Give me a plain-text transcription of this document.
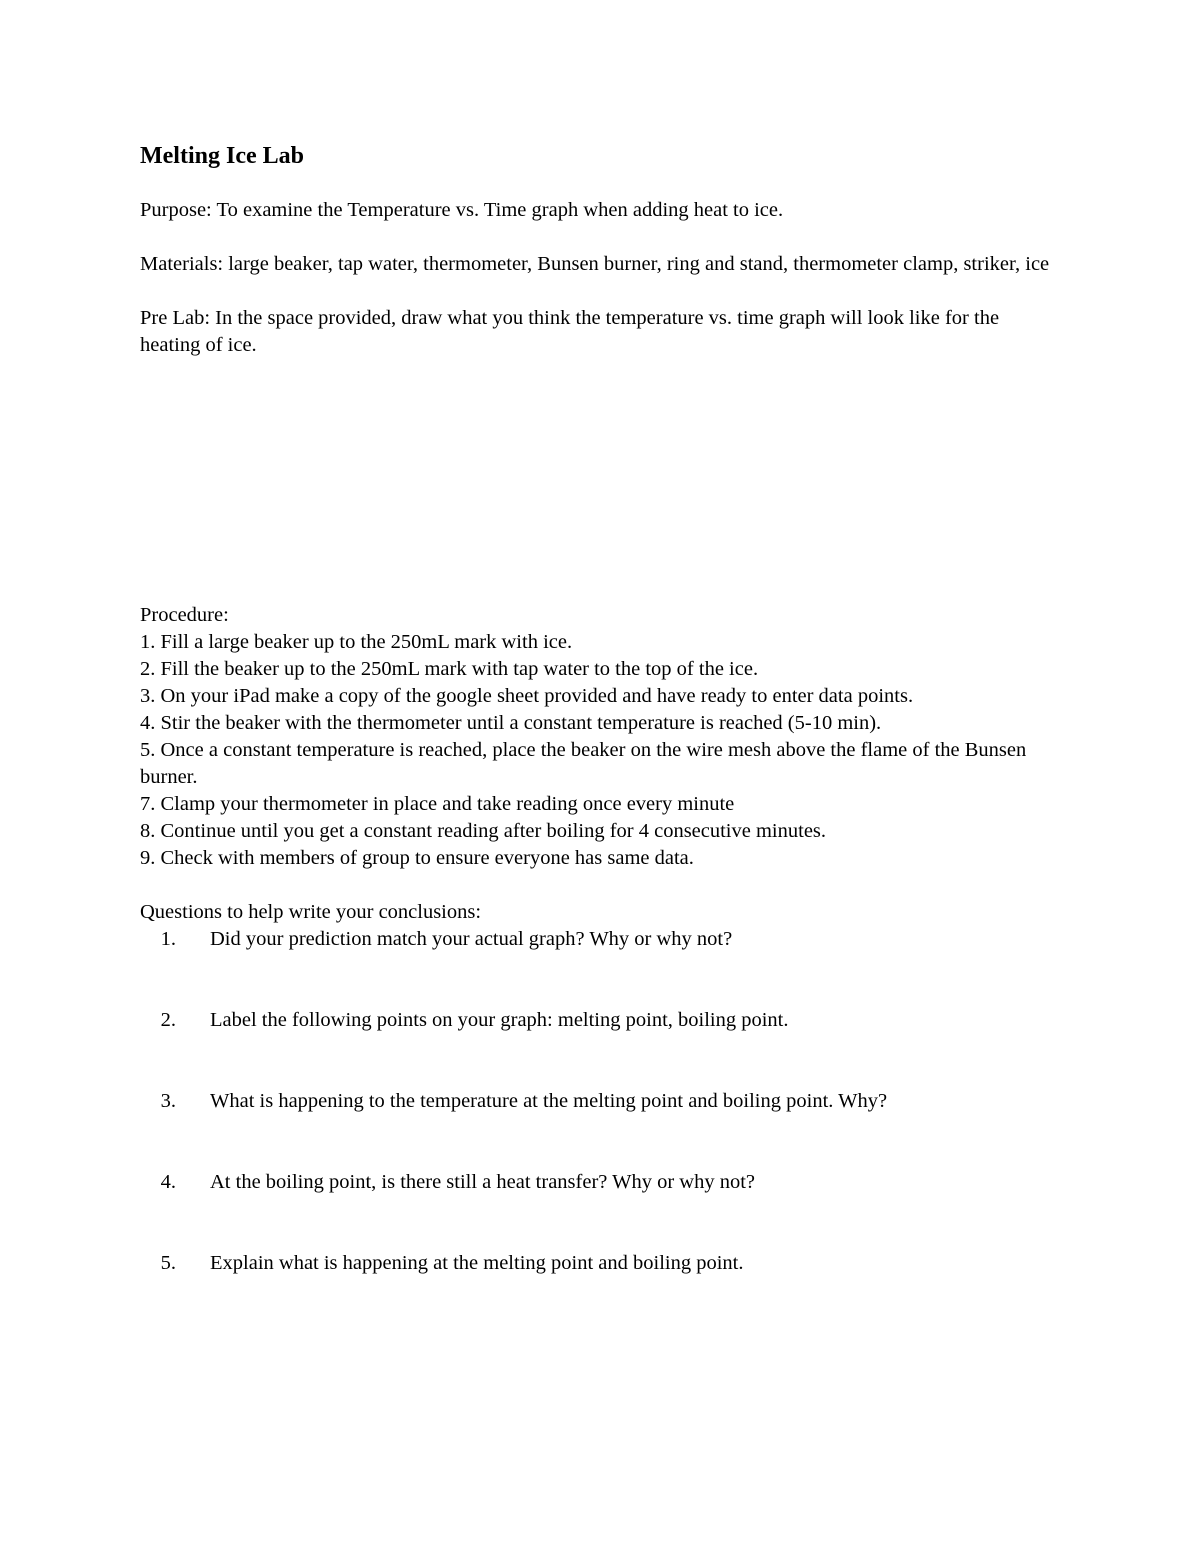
Melting Ice Lab

Purpose: To examine the Temperature vs. Time graph when adding heat to ice.

Materials: large beaker, tap water, thermometer, Bunsen burner, ring and stand, thermometer clamp, striker, ice

Pre Lab: In the space provided, draw what you think the temperature vs. time graph will look like for the heating of ice.

Procedure:

1. Fill a large beaker up to the 250mL mark with ice.
2. Fill the beaker up to the 250mL mark with tap water to the top of the ice.
3. On your iPad make a copy of the google sheet provided and have ready to enter data points.
4. Stir the beaker with the thermometer until a constant temperature is reached (5-10 min).
5. Once a constant temperature is reached, place the beaker on the wire mesh above the flame of the Bunsen burner.
7. Clamp your thermometer in place and take reading once every minute
8. Continue until you get a constant reading after boiling for 4 consecutive minutes.
9. Check with members of group to ensure everyone has same data.

Questions to help write your conclusions:

1. Did your prediction match your actual graph? Why or why not?
2. Label the following points on your graph: melting point, boiling point.
3. What is happening to the temperature at the melting point and boiling point. Why?
4. At the boiling point, is there still a heat transfer? Why or why not?
5. Explain what is happening at the melting point and boiling point.
